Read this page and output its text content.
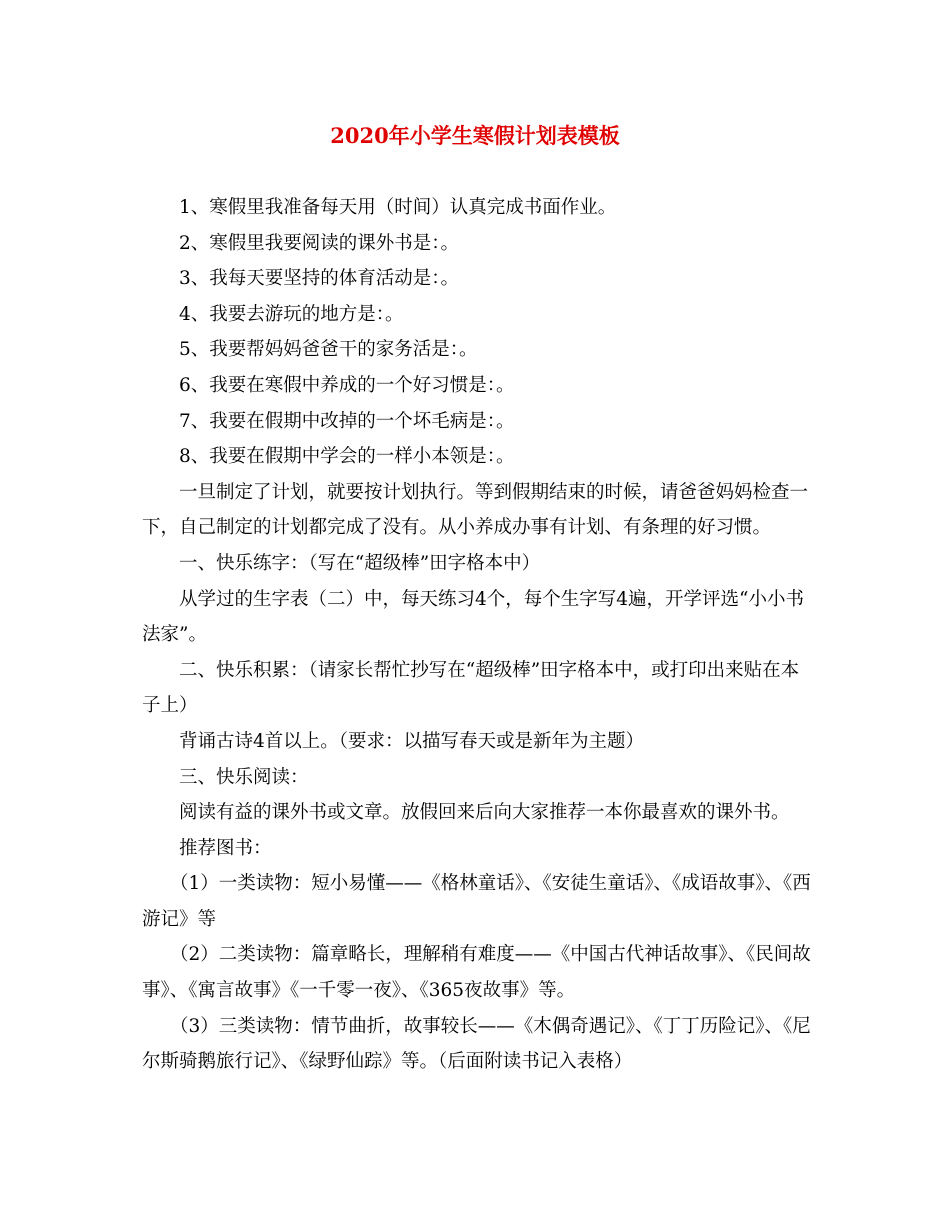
2020年小学生寒假计划表模板

1、寒假里我准备每天用（时间）认真完成书面作业。

2、寒假里我要阅读的课外书是：。

3、我每天要坚持的体育活动是：。

4、我要去游玩的地方是：。

5、我要帮妈妈爸爸干的家务活是：。

6、我要在寒假中养成的一个好习惯是：。

7、我要在假期中改掉的一个坏毛病是：。

8、我要在假期中学会的一样小本领是：。

一旦制定了计划，就要按计划执行。等到假期结束的时候，请爸爸妈妈检查一下，自己制定的计划都完成了没有。从小养成办事有计划、有条理的好习惯。

一、快乐练字：（写在“超级棒”田字格本中）

从学过的生字表（二）中，每天练习4个，每个生字写4遍，开学评选“小小书法家”。

二、快乐积累：（请家长帮忙抄写在“超级棒”田字格本中，或打印出来贴在本子上）

背诵古诗4首以上。（要求：以描写春天或是新年为主题）

三、快乐阅读：

阅读有益的课外书或文章。放假回来后向大家推荐一本你最喜欢的课外书。

推荐图书：

（1）一类读物：短小易懂——《格林童话》、《安徒生童话》、《成语故事》、《西游记》等

（2）二类读物：篇章略长，理解稍有难度——《中国古代神话故事》、《民间故事》、《寓言故事》《一千零一夜》、《365夜故事》等。

（3）三类读物：情节曲折，故事较长——《木偶奇遇记》、《丁丁历险记》、《尼尔斯骑鹅旅行记》、《绿野仙踪》等。（后面附读书记入表格）
